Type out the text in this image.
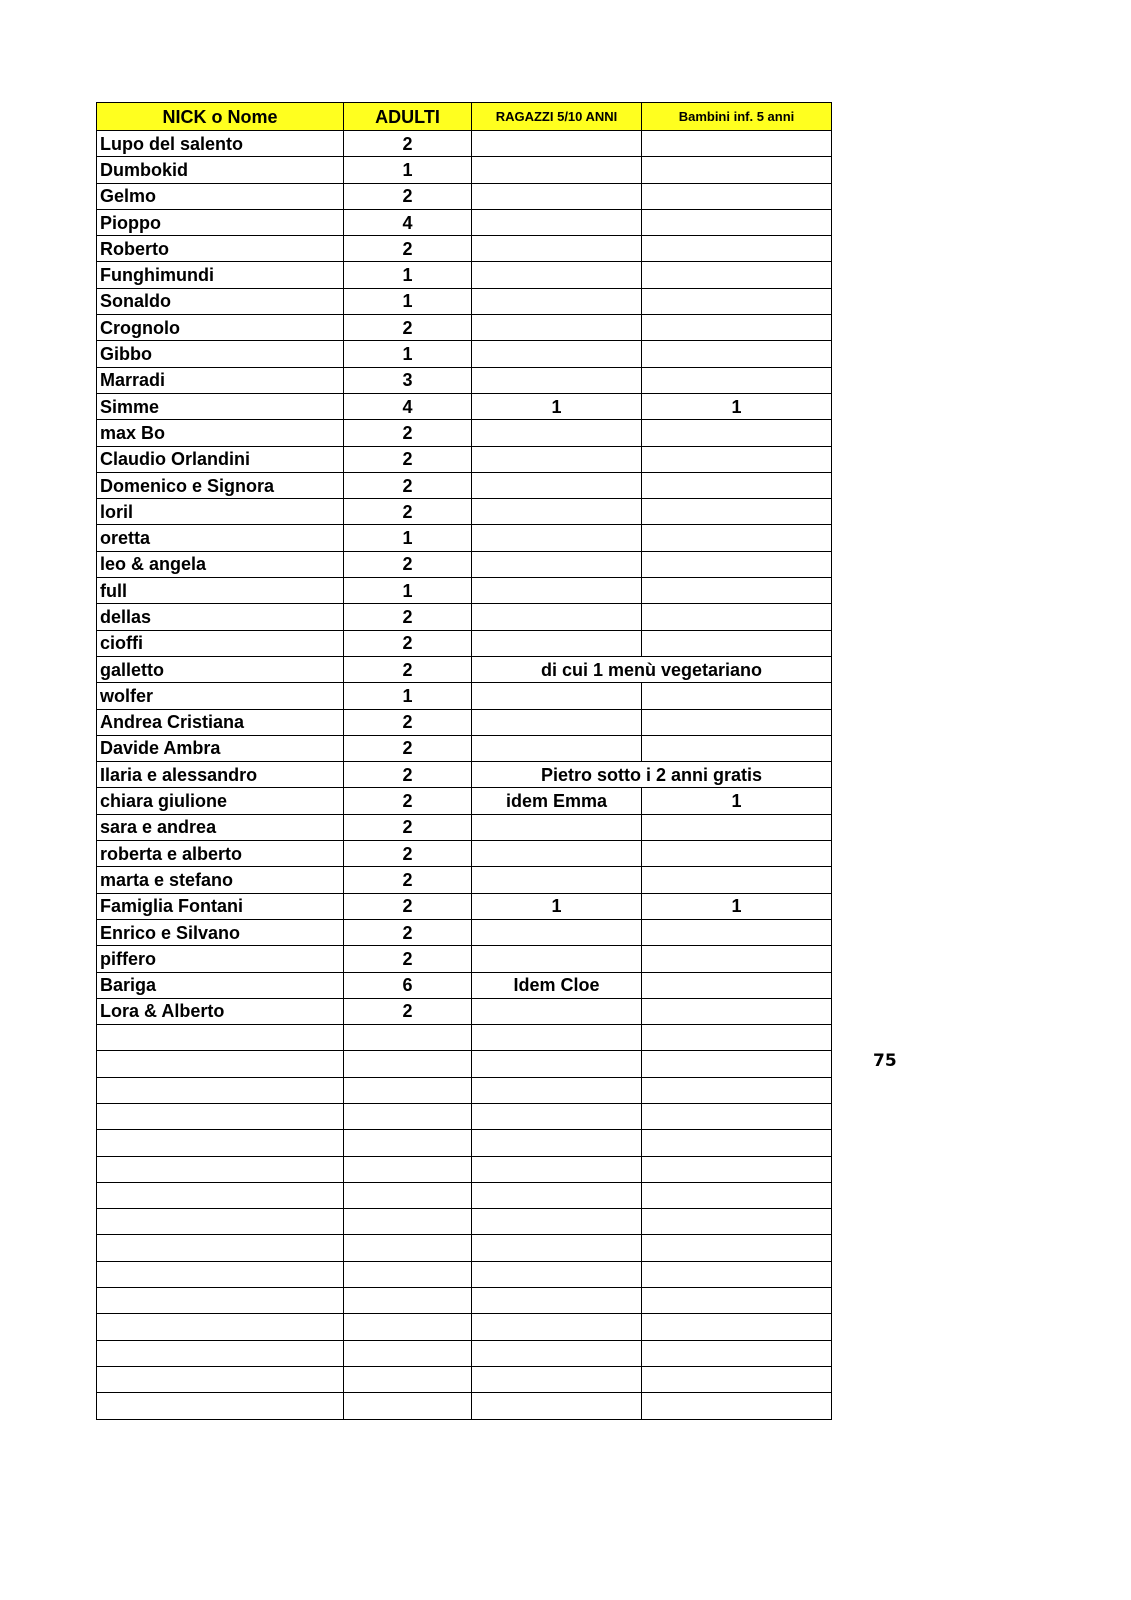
NICK o Nome	ADULTI	RAGAZZI 5/10 ANNI	Bambini inf. 5 anni
Lupo del salento	2		
Dumbokid	1		
Gelmo	2		
Pioppo	4		
Roberto	2		
Funghimundi	1		
Sonaldo	1		
Crognolo	2		
Gibbo	1		
Marradi	3		
Simme	4	1	1
max Bo	2		
Claudio Orlandini	2		
Domenico e Signora	2		
loril	2		
oretta	1		
leo & angela	2		
full	1		
dellas	2		
cioffi	2		
galletto	2	di cui 1 menù vegetariano	
wolfer	1		
Andrea Cristiana	2		
Davide Ambra	2		
Ilaria e alessandro	2	Pietro sotto i 2 anni gratis	
chiara giulione	2	idem Emma	1
sara e andrea	2		
roberta e alberto	2		
marta e stefano	2		
Famiglia Fontani	2	1	1
Enrico e Silvano	2		
piffero	2		
Bariga	6	Idem Cloe	
Lora & Alberto	2		

75
